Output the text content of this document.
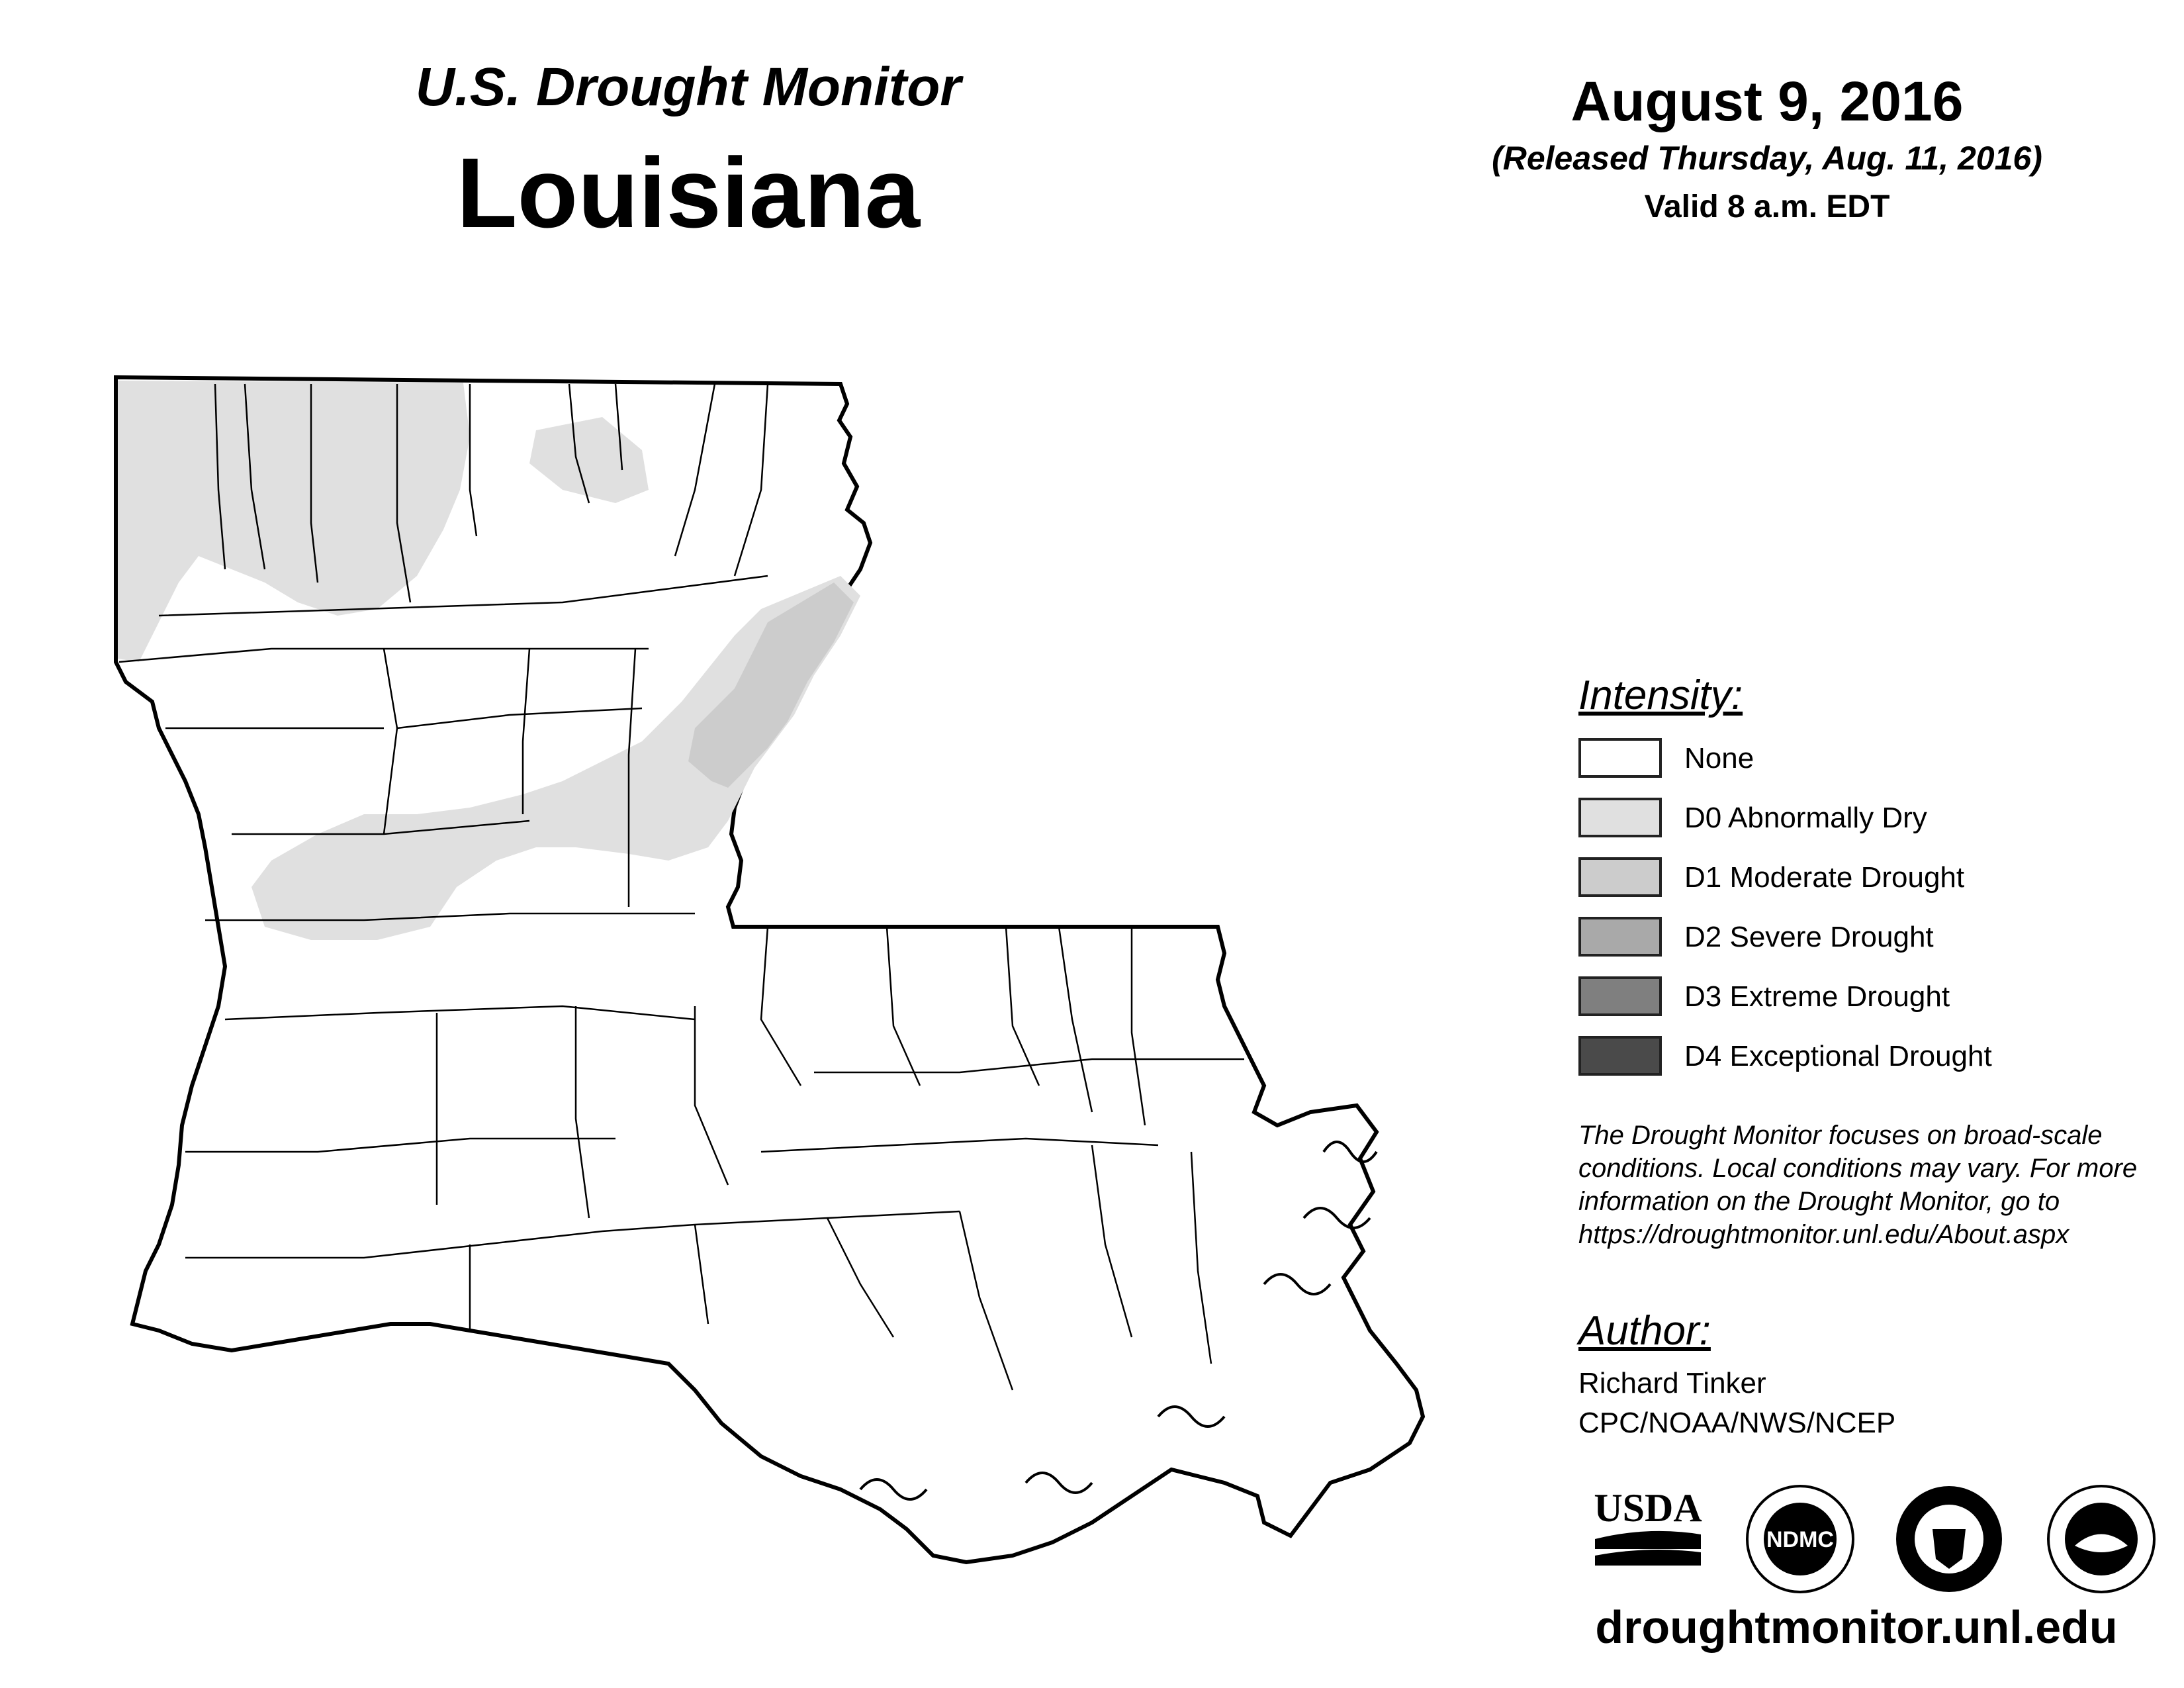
U.S. Drought Monitor
Louisiana
August 9, 2016
(Released Thursday, Aug. 11, 2016)
Valid 8 a.m. EDT
Intensity:
None
D0 Abnormally Dry
D1 Moderate Drought
D2 Severe Drought
D3 Extreme Drought
D4 Exceptional Drought
The Drought Monitor focuses on broad-scale conditions. Local conditions may vary. For more information on the Drought Monitor, go to https://droughtmonitor.unl.edu/About.aspx
Author:
Richard Tinker
CPC/NOAA/NWS/NCEP
USDA
NDMC
droughtmonitor.unl.edu
